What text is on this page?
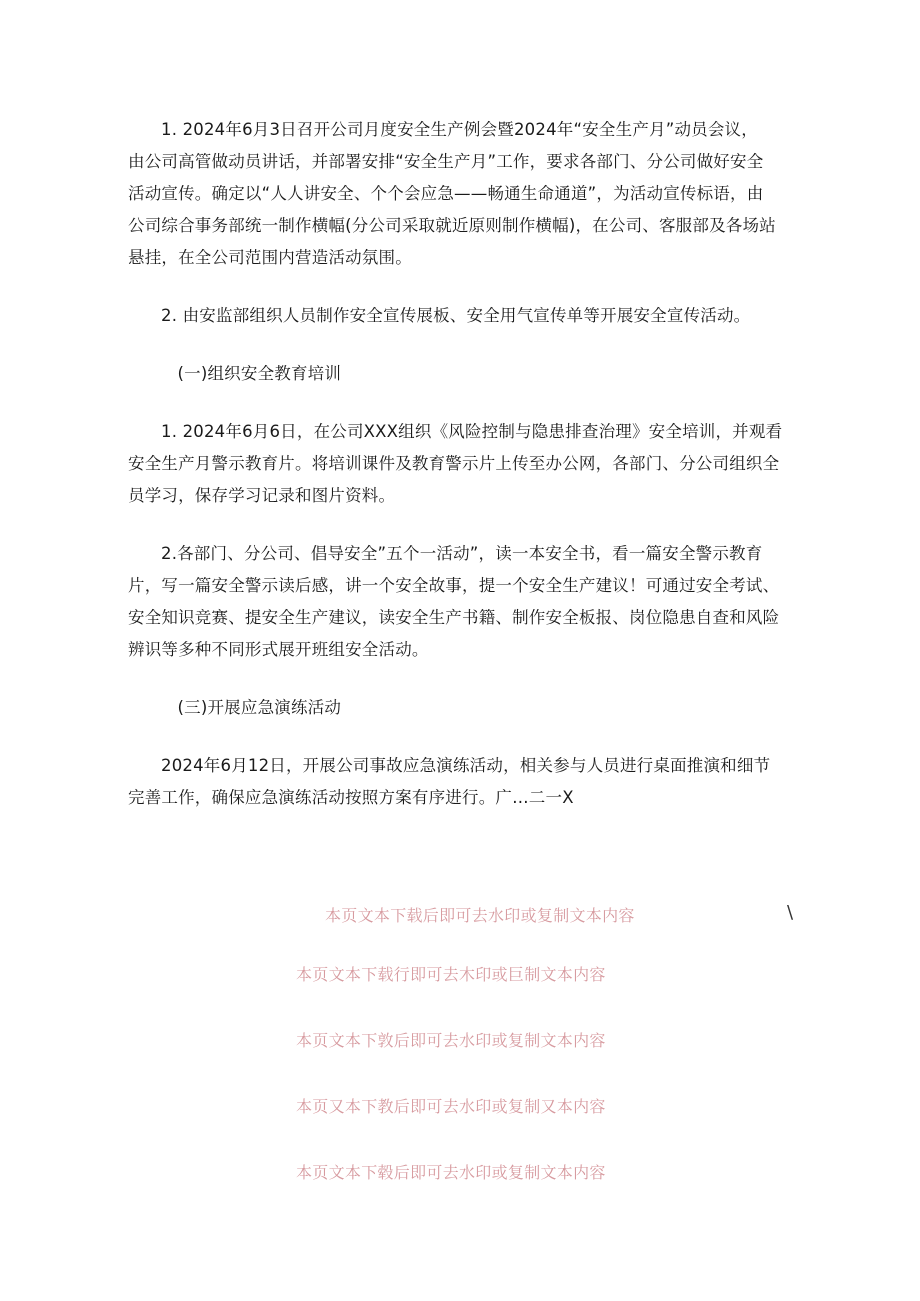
1. 2024年6月3日召开公司月度安全生产例会暨2024年“安全生产月”动员会议，
由公司高管做动员讲话，并部署安排“安全生产月”工作，要求各部门、分公司做好安全
活动宣传。确定以“人人讲安全、个个会应急——畅通生命通道”，为活动宣传标语，由
公司综合事务部统一制作横幅(分公司采取就近原则制作横幅)，在公司、客服部及各场站
悬挂，在全公司范围内营造活动氛围。
2. 由安监部组织人员制作安全宣传展板、安全用气宣传单等开展安全宣传活动。
(一)组织安全教育培训
1. 2024年6月6日，在公司XXX组织《风险控制与隐患排查治理》安全培训，并观看
安全生产月警示教育片。将培训课件及教育警示片上传至办公网，各部门、分公司组织全
员学习，保存学习记录和图片资料。
2.各部门、分公司、倡导安全”五个一活动”，读一本安全书，看一篇安全警示教育
片，写一篇安全警示读后感，讲一个安全故事，提一个安全生产建议！可通过安全考试、
安全知识竞赛、提安全生产建议，读安全生产书籍、制作安全板报、岗位隐患自查和风险
辨识等多种不同形式展开班组安全活动。
(三)开展应急演练活动
2024年6月12日，开展公司事故应急演练活动，相关参与人员进行桌面推演和细节
完善工作，确保应急演练活动按照方案有序进行。广…二一X
本页文本下载后即可去水印或复制文本内容	\
本页文本下载行即可去木印或巨制文本内容
本页文本下敦后即可去水印或复制文本内容
本页又本下教后即可去水印或复制又本内容
本页文本下毂后即可去水印或复制文本内容
